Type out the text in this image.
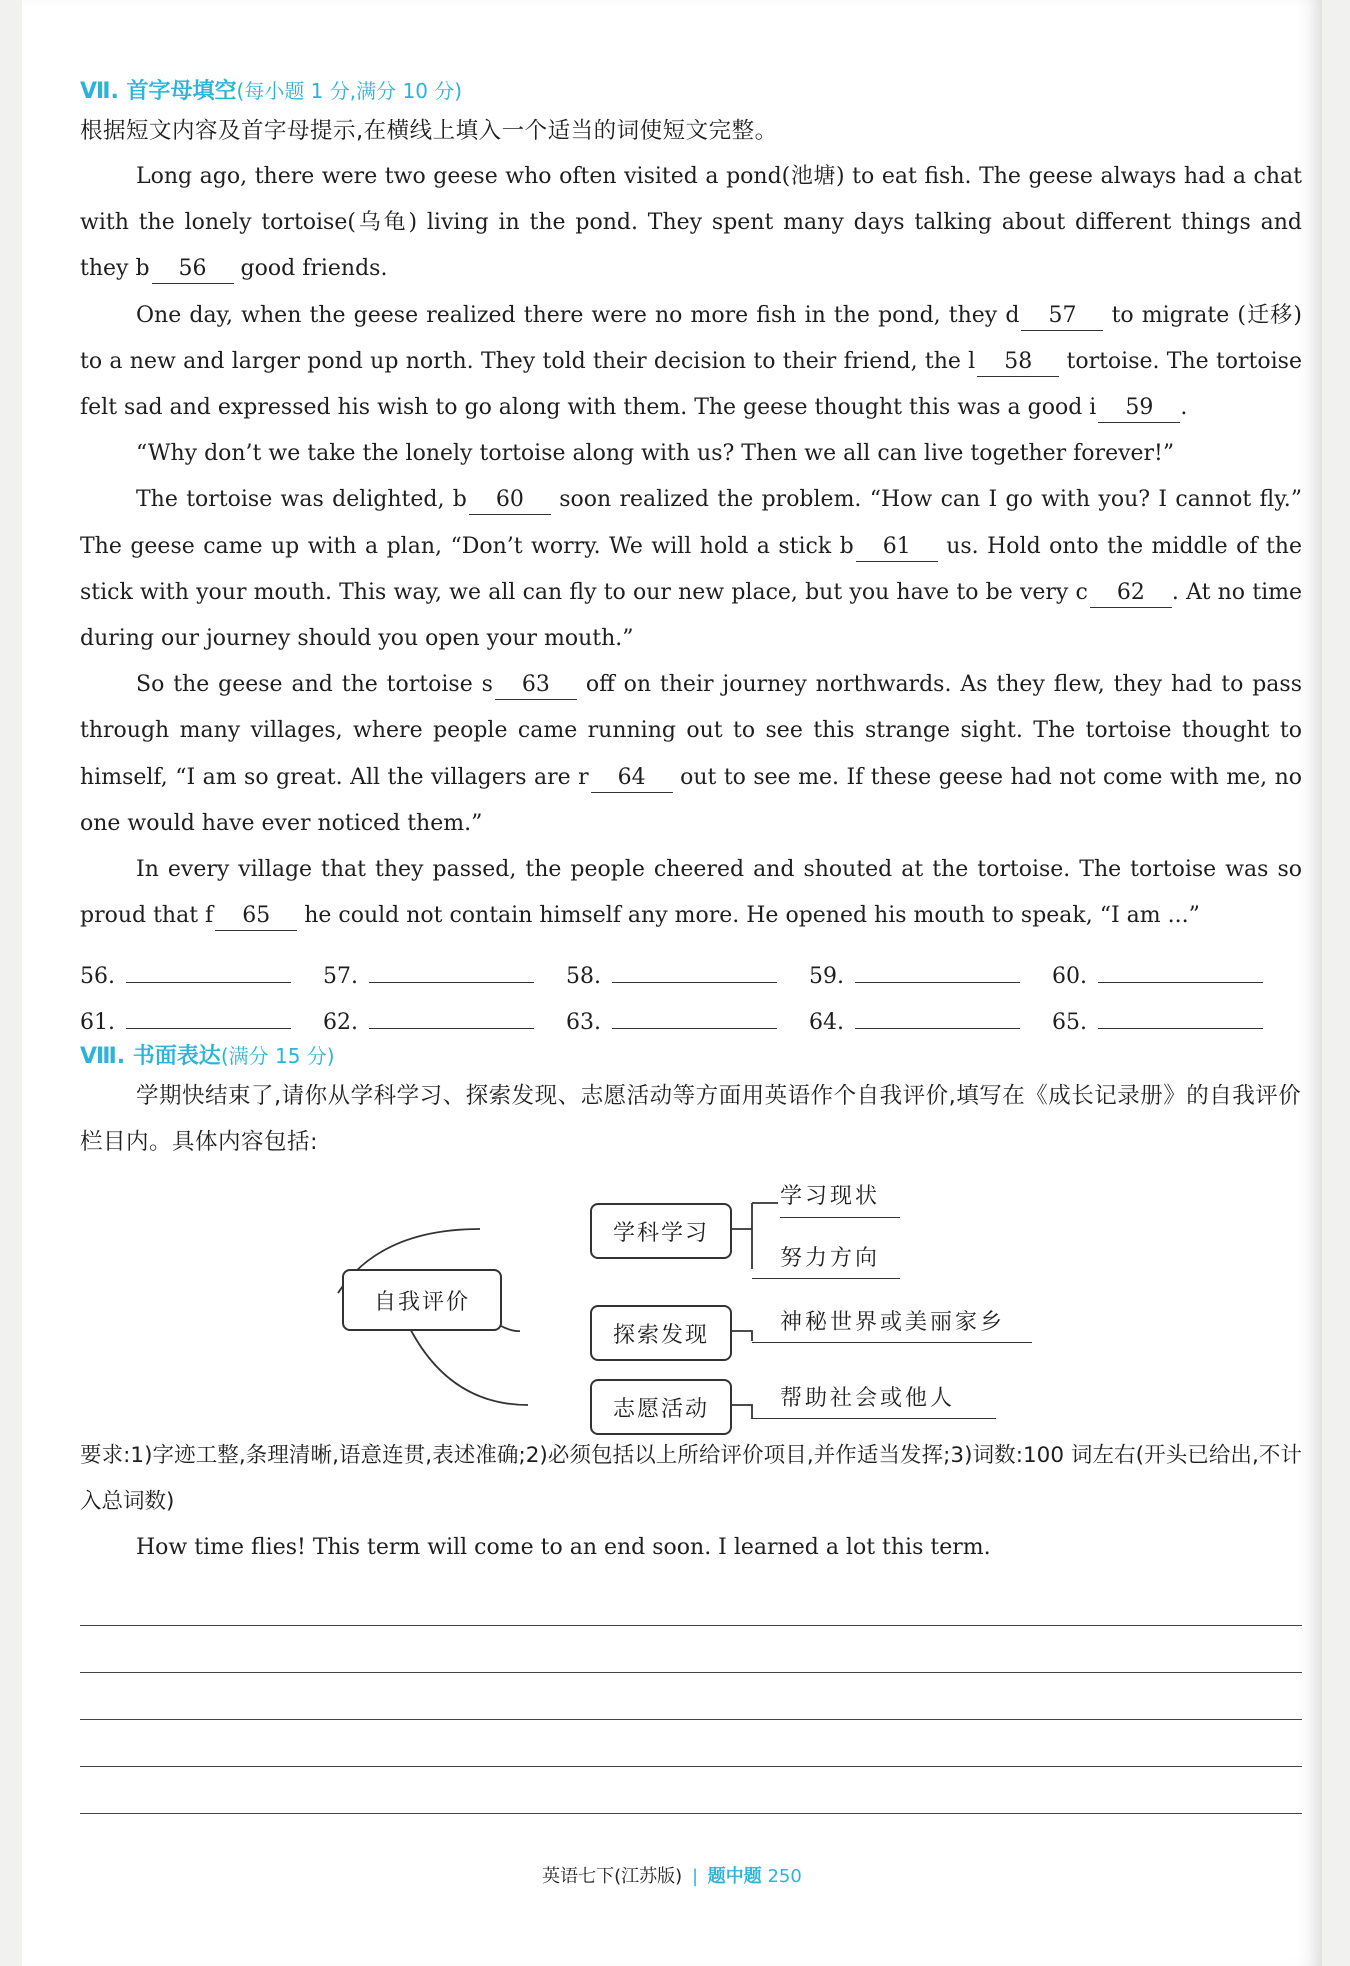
Ⅶ. 首字母填空(每小题 1 分,满分 10 分)
根据短文内容及首字母提示,在横线上填入一个适当的词使短文完整。

Long ago, there were two geese who often visited a pond(池塘) to eat fish. The geese always had a chat with the lonely tortoise(乌龟) living in the pond. They spent many days talking about different things and they b 56 good friends.

One day, when the geese realized there were no more fish in the pond, they d 57 to migrate (迁移) to a new and larger pond up north. They told their decision to their friend, the l 58 tortoise. The tortoise felt sad and expressed his wish to go along with them. The geese thought this was a good i 59 .

“Why don’t we take the lonely tortoise along with us? Then we all can live together forever!”

The tortoise was delighted, b 60 soon realized the problem. “How can I go with you? I cannot fly.” The geese came up with a plan, “Don’t worry. We will hold a stick b 61 us. Hold onto the middle of the stick with your mouth. This way, we all can fly to our new place, but you have to be very c 62 . At no time during our journey should you open your mouth.”

So the geese and the tortoise s 63 off on their journey northwards. As they flew, they had to pass through many villages, where people came running out to see this strange sight. The tortoise thought to himself, “I am so great. All the villagers are r 64 out to see me. If these geese had not come with me, no one would have ever noticed them.”

In every village that they passed, the people cheered and shouted at the tortoise. The tortoise was so proud that f 65 he could not contain himself any more. He opened his mouth to speak, “I am ...”

56.	57.	58.	59.	60.
61.	62.	63.	64.	65.
Ⅷ. 书面表达(满分 15 分)
学期快结束了,请你从学科学习、探索发现、志愿活动等方面用英语作个自我评价,填写在《成长记录册》的自我评价栏目内。具体内容包括:
自我评价
学科学习
探索发现
志愿活动
学习现状
努力方向
神秘世界或美丽家乡
帮助社会或他人
要求:1)字迹工整,条理清晰,语意连贯,表述准确;2)必须包括以上所给评价项目,并作适当发挥;3)词数:100 词左右(开头已给出,不计入总词数)

How time flies! This term will come to an end soon. I learned a lot this term.

英语七下(江苏版) | 题中题 250
